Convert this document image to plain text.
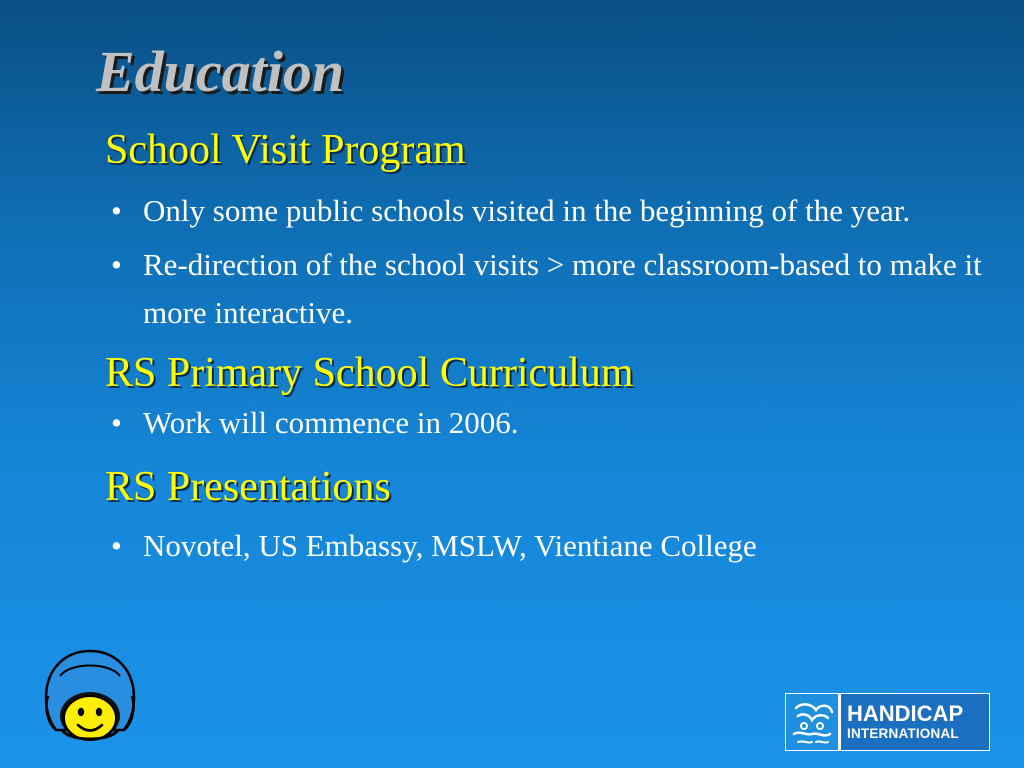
Education
School Visit Program
• Only some public schools visited in the beginning of the year.
• Re-direction of the school visits > more classroom-based to make it more interactive.
RS Primary School Curriculum
• Work will commence in 2006.
RS Presentations
• Novotel, US Embassy, MSLW, Vientiane College
HANDICAP
INTERNATIONAL
